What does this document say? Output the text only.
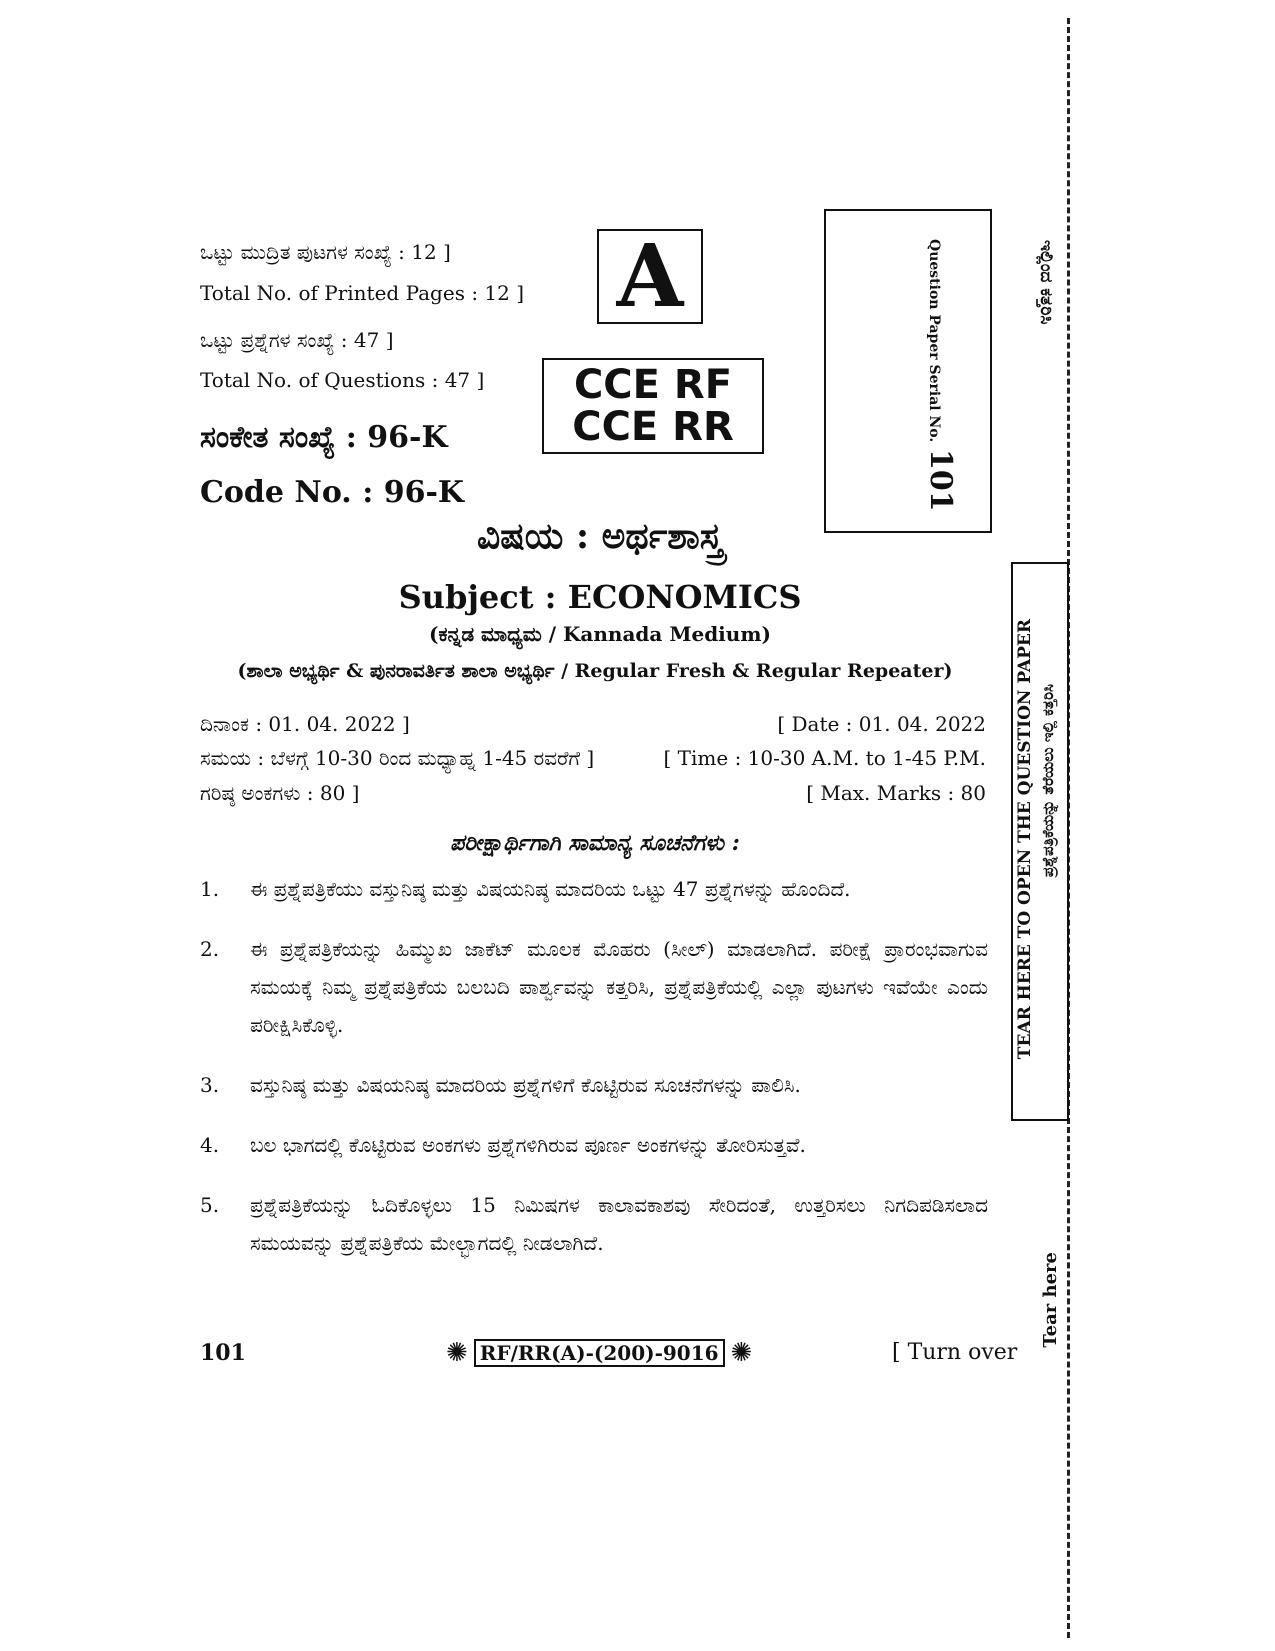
ಒಟ್ಟು ಮುದ್ರಿತ ಪುಟಗಳ ಸಂಖ್ಯೆ : 12 ]
Total No. of Printed Pages : 12 ]
ಒಟ್ಟು ಪ್ರಶ್ನೆಗಳ ಸಂಖ್ಯೆ : 47 ]
Total No. of Questions : 47 ]
ಸಂಕೇತ ಸಂಖ್ಯೆ : 96-K
Code No. : 96-K
A
CCE RF
CCE RR	Question Paper Serial No.
101
ವಿಷಯ : ಅರ್ಥಶಾಸ್ತ್ರ
Subject : ECONOMICS
(ಕನ್ನಡ ಮಾಧ್ಯಮ / Kannada Medium)
(ಶಾಲಾ ಅಭ್ಯರ್ಥಿ & ಪುನರಾವರ್ತಿತ ಶಾಲಾ ಅಭ್ಯರ್ಥಿ / Regular Fresh & Regular Repeater)
ದಿನಾಂಕ : 01. 04. 2022 ]	[ Date : 01. 04. 2022
ಸಮಯ : ಬೆಳಗ್ಗೆ 10-30 ರಿಂದ ಮಧ್ಯಾಹ್ನ 1-45 ರವರೆಗೆ ]	[ Time : 10-30 A.M. to 1-45 P.M.
ಗರಿಷ್ಠ ಅಂಕಗಳು : 80 ]	[ Max. Marks : 80
ಪರೀಕ್ಷಾರ್ಥಿಗಾಗಿ ಸಾಮಾನ್ಯ ಸೂಚನೆಗಳು :
1.	ಈ ಪ್ರಶ್ನೆಪತ್ರಿಕೆಯು ವಸ್ತುನಿಷ್ಠ ಮತ್ತು ವಿಷಯನಿಷ್ಠ ಮಾದರಿಯ ಒಟ್ಟು 47 ಪ್ರಶ್ನೆಗಳನ್ನು ಹೊಂದಿದೆ.
2.	ಈ ಪ್ರಶ್ನೆಪತ್ರಿಕೆಯನ್ನು ಹಿಮ್ಮುಖ ಜಾಕೆಟ್ ಮೂಲಕ ಮೊಹರು (ಸೀಲ್) ಮಾಡಲಾಗಿದೆ. ಪರೀಕ್ಷೆ ಪ್ರಾರಂಭವಾಗುವ ಸಮಯಕ್ಕೆ ನಿಮ್ಮ ಪ್ರಶ್ನೆಪತ್ರಿಕೆಯ ಬಲಬದಿ ಪಾರ್ಶ್ವವನ್ನು ಕತ್ತರಿಸಿ, ಪ್ರಶ್ನೆಪತ್ರಿಕೆಯಲ್ಲಿ ಎಲ್ಲಾ ಪುಟಗಳು ಇವೆಯೇ ಎಂದು ಪರೀಕ್ಷಿಸಿಕೊಳ್ಳಿ.
3.	ವಸ್ತುನಿಷ್ಠ ಮತ್ತು ವಿಷಯನಿಷ್ಠ ಮಾದರಿಯ ಪ್ರಶ್ನೆಗಳಿಗೆ ಕೊಟ್ಟಿರುವ ಸೂಚನೆಗಳನ್ನು ಪಾಲಿಸಿ.
4.	ಬಲ ಭಾಗದಲ್ಲಿ ಕೊಟ್ಟಿರುವ ಅಂಕಗಳು ಪ್ರಶ್ನೆಗಳಿಗಿರುವ ಪೂರ್ಣ ಅಂಕಗಳನ್ನು ತೋರಿಸುತ್ತವೆ.
5.	ಪ್ರಶ್ನೆಪತ್ರಿಕೆಯನ್ನು ಓದಿಕೊಳ್ಳಲು 15 ನಿಮಿಷಗಳ ಕಾಲಾವಕಾಶವು ಸೇರಿದಂತೆ, ಉತ್ತರಿಸಲು ನಿಗದಿಪಡಿಸಲಾದ ಸಮಯವನ್ನು ಪ್ರಶ್ನೆಪತ್ರಿಕೆಯ ಮೇಲ್ಭಾಗದಲ್ಲಿ ನೀಡಲಾಗಿದೆ.
ಇಲ್ಲಿಂದ ಕತ್ತರಿಸಿ
TEAR HERE TO OPEN THE QUESTION PAPER ಪ್ರಶ್ನೆಪತ್ರಿಕೆಯನ್ನು ತೆರೆಯಲು ಇಲ್ಲಿ ಕತ್ತರಿಸಿ
Tear here
101	✺ RF/RR(A)-(200)-9016 ✺	[ Turn over
